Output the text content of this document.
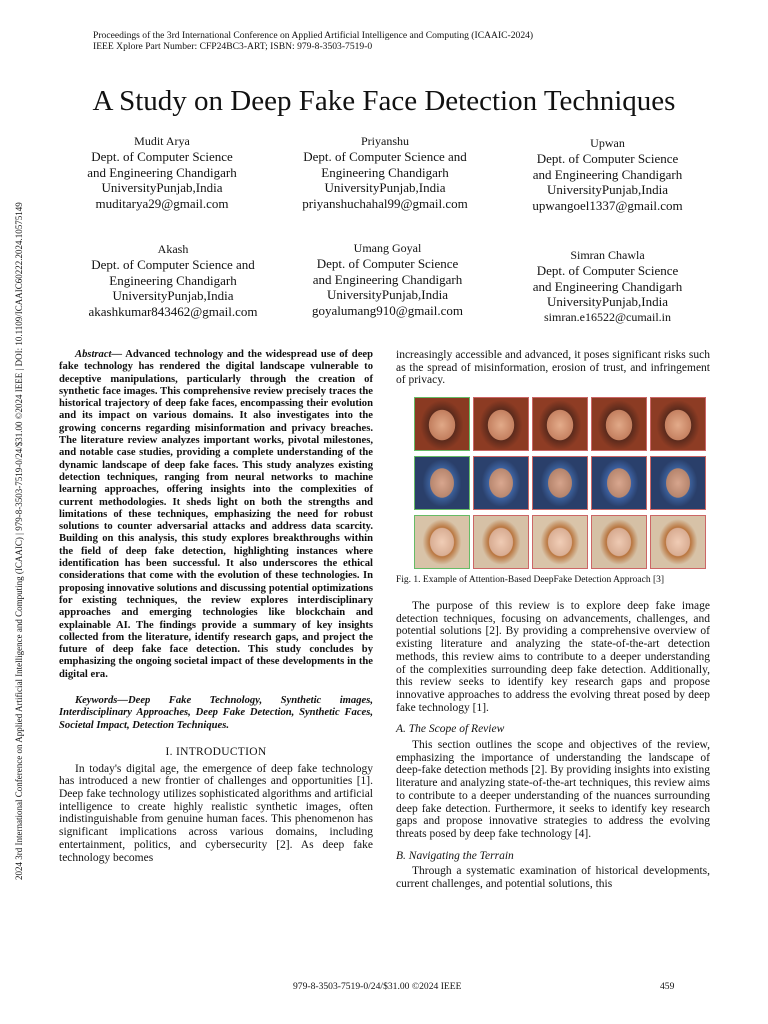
Proceedings of the 3rd International Conference on Applied Artificial Intelligence and Computing (ICAAIC-2024)
IEEE Xplore Part Number: CFP24BC3-ART; ISBN: 979-8-3503-7519-0
2024 3rd International Conference on Applied Artificial Intelligence and Computing (ICAAIC) | 979-8-3503-7519-0/24/$31.00 ©2024 IEEE | DOI: 10.1109/ICAAIC60222.2024.10575149
A Study on Deep Fake Face Detection Techniques
Mudit Arya
Dept. of Computer Science
and Engineering Chandigarh
UniversityPunjab,India
muditarya29@gmail.com
Priyanshu
Dept. of Computer Science and
Engineering Chandigarh
UniversityPunjab,India
priyanshuchahal99@gmail.com
Upwan
Dept. of Computer Science
and Engineering Chandigarh
UniversityPunjab,India
upwangoel1337@gmail.com
Akash
Dept. of Computer Science and
Engineering Chandigarh
UniversityPunjab,India
akashkumar843462@gmail.com
Umang Goyal
Dept. of Computer Science
and Engineering Chandigarh
UniversityPunjab,India
goyalumang910@gmail.com
Simran Chawla
Dept. of Computer Science
and Engineering Chandigarh
UniversityPunjab,India
simran.e16522@cumail.in

Abstract— Advanced technology and the widespread use of deep fake technology has rendered the digital landscape vulnerable to deceptive manipulations, particularly through the creation of synthetic face images. This comprehensive review precisely traces the historical trajectory of deep fake faces, encompassing their evolution and its impact on various domains. It also investigates into the growing concerns regarding misinformation and privacy breaches. The literature review analyzes important works, pivotal milestones, and notable case studies, providing a complete understanding of the dynamic landscape of deep fake faces. This study analyzes existing detection techniques, ranging from neural networks to machine learning approaches, offering insights into the complexities of current methodologies. It sheds light on both the strengths and limitations of these techniques, emphasizing the need for robust solutions to counter adversarial attacks and address data scarcity. Building on this analysis, this study explores breakthroughs within the field of deep fake detection, highlighting instances where identification has been successful. It also underscores the ethical considerations that come with the evolution of these technologies. In proposing innovative solutions and discussing potential optimizations for existing techniques, the review explores interdisciplinary approaches and emerging technologies like blockchain and explainable AI. The findings provide a summary of key insights collected from the literature, identify research gaps, and project the future of deep fake face detection. This study concludes by emphasizing the ongoing societal impact of these developments in the digital era.

Keywords—Deep Fake Technology, Synthetic images, Interdisciplinary Approaches, Deep Fake Detection, Synthetic Faces, Societal Impact, Detection Techniques.

I. INTRODUCTION

In today's digital age, the emergence of deep fake technology has introduced a new frontier of challenges and opportunities [1]. Deep fake technology utilizes sophisticated algorithms and artificial intelligence to create highly realistic synthetic images, often indistinguishable from genuine human faces. This phenomenon has significant implications across various domains, including entertainment, politics, and cybersecurity [2]. As deep fake technology becomes

increasingly accessible and advanced, it poses significant risks such as the spread of misinformation, erosion of trust, and infringement of privacy.

Fig. 1. Example of Attention-Based DeepFake Detection Approach [3]

The purpose of this review is to explore deep fake image detection techniques, focusing on advancements, challenges, and potential solutions [2]. By providing a comprehensive overview of existing literature and analyzing the state-of-the-art detection methods, this review aims to contribute to a deeper understanding of the complexities surrounding deep fake detection. Additionally, this review seeks to identify key research gaps and propose innovative approaches to address the evolving threat posed by deep fake technology [1].

A. The Scope of Review

This section outlines the scope and objectives of the review, emphasizing the importance of understanding the landscape of deep-fake detection methods [2]. By providing insights into existing literature and analyzing state-of-the-art techniques, this review aims to contribute to a deeper understanding of the nuances surrounding deep fake detection. Furthermore, it seeks to identify key research gaps and propose innovative strategies to address the evolving threats posed by deep fake technology [4].

B. Navigating the Terrain

Through a systematic examination of historical developments, current challenges, and potential solutions, this

979-8-3503-7519-0/24/$31.00 ©2024 IEEE	459
